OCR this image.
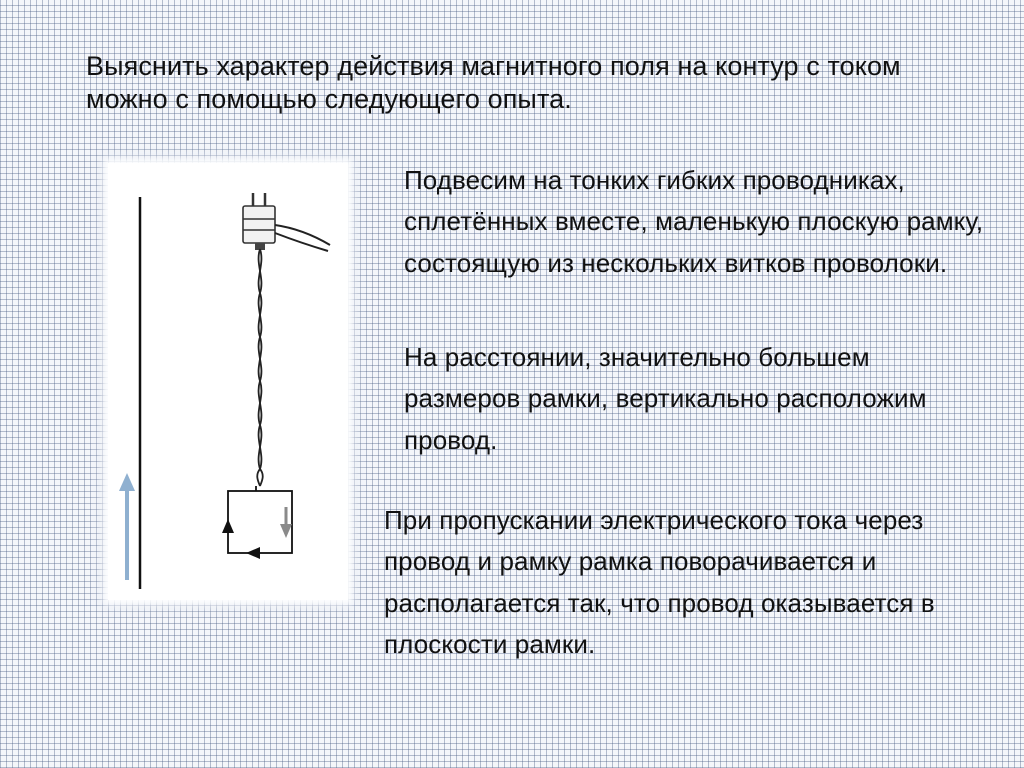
Выяснить характер действия магнитного поля на контур с током можно с помощью следующего опыта.

Подвесим на тонких гибких проводниках, сплетённых вместе, маленькую плоскую рамку, состоящую из нескольких витков проволоки.

На расстоянии, значительно большем размеров рамки, вертикально расположим провод.

При пропускании электрического тока через провод и рамку рамка поворачивается и располагается так, что провод оказывается в плоскости рамки.
